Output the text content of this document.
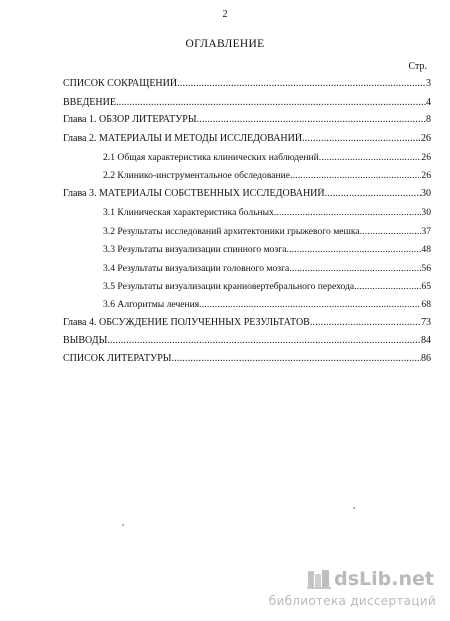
2
ОГЛАВЛЕНИЕ
Стр.
СПИСОК СОКРАЩЕНИЙ .....	3
ВВЕДЕНИЕ .....	4
Глава 1. ОБЗОР ЛИТЕРАТУРЫ .....	8
Глава 2. МАТЕРИАЛЫ И МЕТОДЫ ИССЛЕДОВАНИЙ .....	26
2.1 Общая характеристика клинических наблюдений .....	26
2.2 Клинико-инструментальное обследование .....	26
Глава 3. МАТЕРИАЛЫ СОБСТВЕННЫХ ИССЛЕДОВАНИЙ .....	30
3.1 Клиническая характеристика больных .....	30
3.2 Результаты исследований архитектоники грыжевого мешка .....	37
3.3 Результаты визуализации спинного мозга .....	48
3.4 Результаты визуализации головного мозга .....	56
3.5 Результаты визуализации краниовертебрального перехода .....	65
3.6 Алгоритмы лечения .....	68
Глава 4. ОБСУЖДЕНИЕ ПОЛУЧЕННЫХ РЕЗУЛЬТАТОВ .....	73
ВЫВОДЫ .....	84
СПИСОК ЛИТЕРАТУРЫ .....	86
ds Lib .net
библиотека диссертаций
